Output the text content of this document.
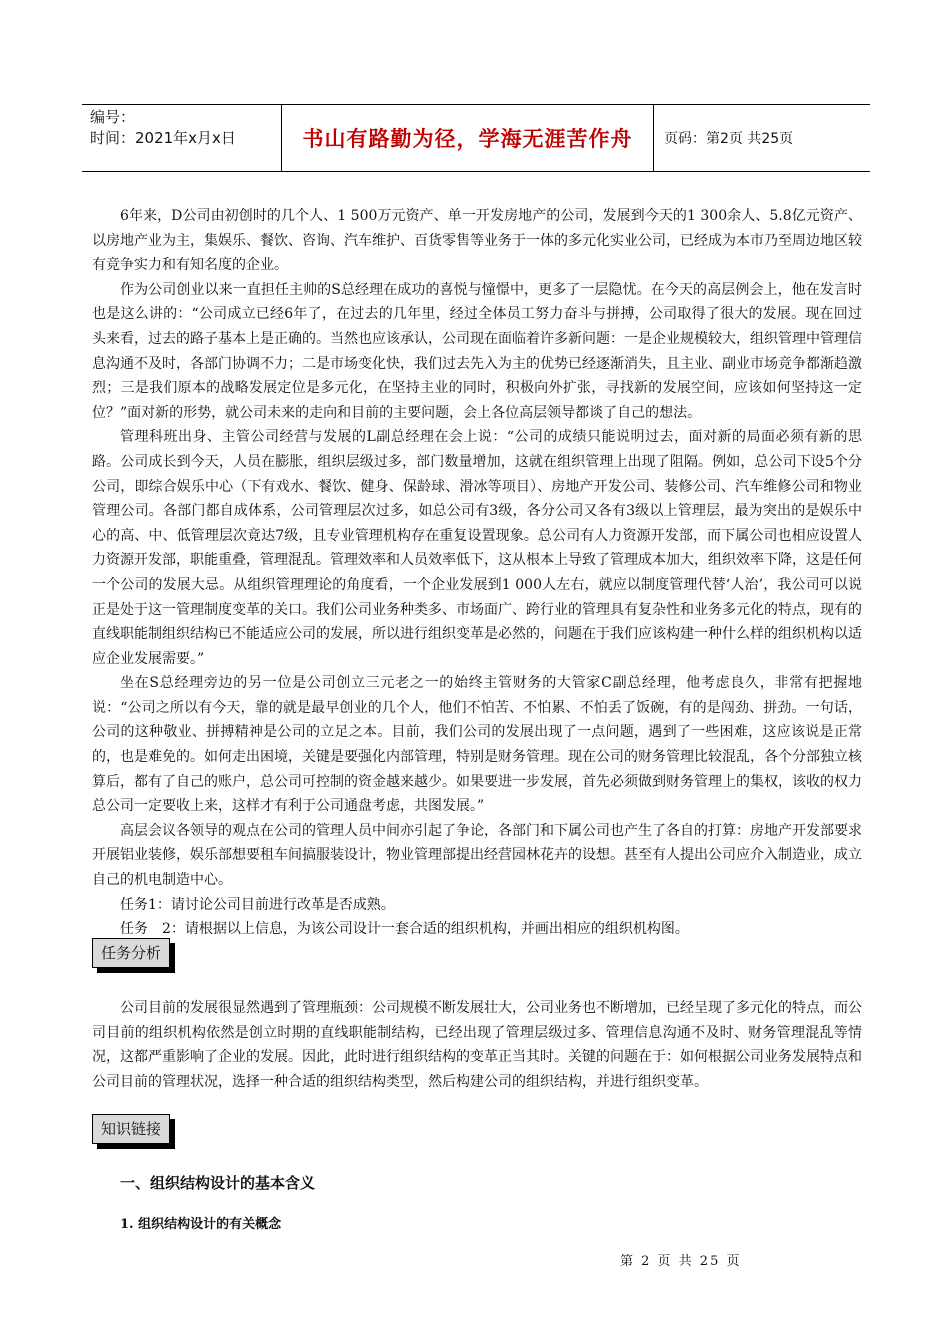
编号：
时间：2021年x月x日	书山有路勤为径，学海无涯苦作舟 页码：第2页 共25页

6年来，D公司由初创时的几个人、1 500万元资产、单一开发房地产的公司，发展到今天的1 300余人、5.8亿元资产、以房地产业为主，集娱乐、餐饮、咨询、汽车维护、百货零售等业务于一体的多元化实业公司，已经成为本市乃至周边地区较有竞争实力和有知名度的企业。

作为公司创业以来一直担任主帅的S总经理在成功的喜悦与憧憬中，更多了一层隐忧。在今天的高层例会上，他在发言时也是这么讲的：“公司成立已经6年了，在过去的几年里，经过全体员工努力奋斗与拼搏，公司取得了很大的发展。现在回过头来看，过去的路子基本上是正确的。当然也应该承认，公司现在面临着许多新问题：一是企业规模较大，组织管理中管理信息沟通不及时，各部门协调不力；二是市场变化快，我们过去先入为主的优势已经逐渐消失，且主业、副业市场竞争都渐趋激烈；三是我们原本的战略发展定位是多元化，在坚持主业的同时，积极向外扩张，寻找新的发展空间，应该如何坚持这一定位？”面对新的形势，就公司未来的走向和目前的主要问题，会上各位高层领导都谈了自己的想法。

管理科班出身、主管公司经营与发展的L副总经理在会上说：“公司的成绩只能说明过去，面对新的局面必须有新的思路。公司成长到今天，人员在膨胀，组织层级过多，部门数量增加，这就在组织管理上出现了阻隔。例如，总公司下设5个分公司，即综合娱乐中心（下有戏水、餐饮、健身、保龄球、滑冰等项目）、房地产开发公司、装修公司、汽车维修公司和物业管理公司。各部门都自成体系，公司管理层次过多，如总公司有3级，各分公司又各有3级以上管理层，最为突出的是娱乐中心的高、中、低管理层次竟达7级，且专业管理机构存在重复设置现象。总公司有人力资源开发部，而下属公司也相应设置人力资源开发部，职能重叠，管理混乱。管理效率和人员效率低下，这从根本上导致了管理成本加大，组织效率下降，这是任何一个公司的发展大忌。从组织管理理论的角度看，一个企业发展到1 000人左右，就应以制度管理代替‘人治’，我公司可以说正是处于这一管理制度变革的关口。我们公司业务种类多、市场面广、跨行业的管理具有复杂性和业务多元化的特点，现有的直线职能制组织结构已不能适应公司的发展，所以进行组织变革是必然的，问题在于我们应该构建一种什么样的组织机构以适应企业发展需要。”

坐在S总经理旁边的另一位是公司创立三元老之一的始终主管财务的大管家C副总经理，他考虑良久，非常有把握地说：“公司之所以有今天，靠的就是最早创业的几个人，他们不怕苦、不怕累、不怕丢了饭碗，有的是闯劲、拼劲。一句话，公司的这种敬业、拼搏精神是公司的立足之本。目前，我们公司的发展出现了一点问题，遇到了一些困难，这应该说是正常的，也是难免的。如何走出困境，关键是要强化内部管理，特别是财务管理。现在公司的财务管理比较混乱，各个分部独立核算后，都有了自己的账户，总公司可控制的资金越来越少。如果要进一步发展，首先必须做到财务管理上的集权，该收的权力总公司一定要收上来，这样才有利于公司通盘考虑，共图发展。”

高层会议各领导的观点在公司的管理人员中间亦引起了争论，各部门和下属公司也产生了各自的打算：房地产开发部要求开展铝业装修，娱乐部想要租车间搞服装设计，物业管理部提出经营园林花卉的设想。甚至有人提出公司应介入制造业，成立自己的机电制造中心。

任务1：请讨论公司目前进行改革是否成熟。

任务　2：请根据以上信息，为该公司设计一套合适的组织机构，并画出相应的组织机构图。

任务分析

公司目前的发展很显然遇到了管理瓶颈：公司规模不断发展壮大，公司业务也不断增加，已经呈现了多元化的特点，而公司目前的组织机构依然是创立时期的直线职能制结构，已经出现了管理层级过多、管理信息沟通不及时、财务管理混乱等情况，这都严重影响了企业的发展。因此，此时进行组织结构的变革正当其时。关键的问题在于：如何根据公司业务发展特点和公司目前的管理状况，选择一种合适的组织结构类型，然后构建公司的组织结构，并进行组织变革。

知识链接
一、组织结构设计的基本含义
1. 组织结构设计的有关概念
第 2 页 共 25 页
